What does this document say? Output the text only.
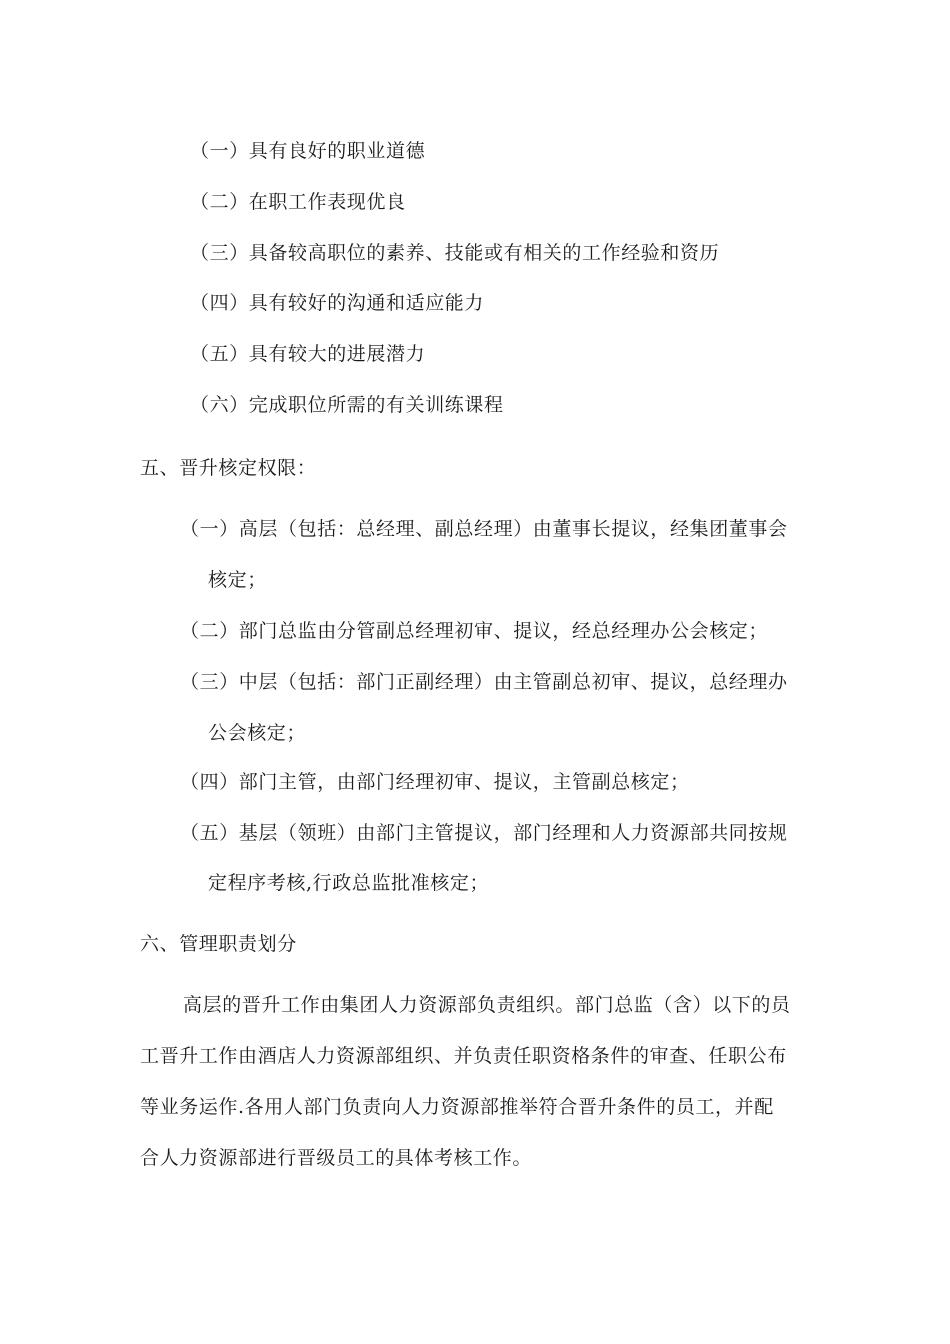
（一）具有良好的职业道德
（二）在职工作表现优良
（三）具备较高职位的素养、技能或有相关的工作经验和资历
（四）具有较好的沟通和适应能力
（五）具有较大的进展潜力
（六）完成职位所需的有关训练课程
五、晋升核定权限：
（一）高层（包括：总经理、副总经理）由董事长提议，经集团董事会
核定；
（二）部门总监由分管副总经理初审、提议，经总经理办公会核定；
（三）中层（包括：部门正副经理）由主管副总初审、提议，总经理办
公会核定；
（四）部门主管，由部门经理初审、提议，主管副总核定；
（五）基层（领班）由部门主管提议，部门经理和人力资源部共同按规
定程序考核,行政总监批准核定；
六、管理职责划分
高层的晋升工作由集团人力资源部负责组织。部门总监（含）以下的员
工晋升工作由酒店人力资源部组织、并负责任职资格条件的审查、任职公布
等业务运作.各用人部门负责向人力资源部推举符合晋升条件的员工，并配
合人力资源部进行晋级员工的具体考核工作。
